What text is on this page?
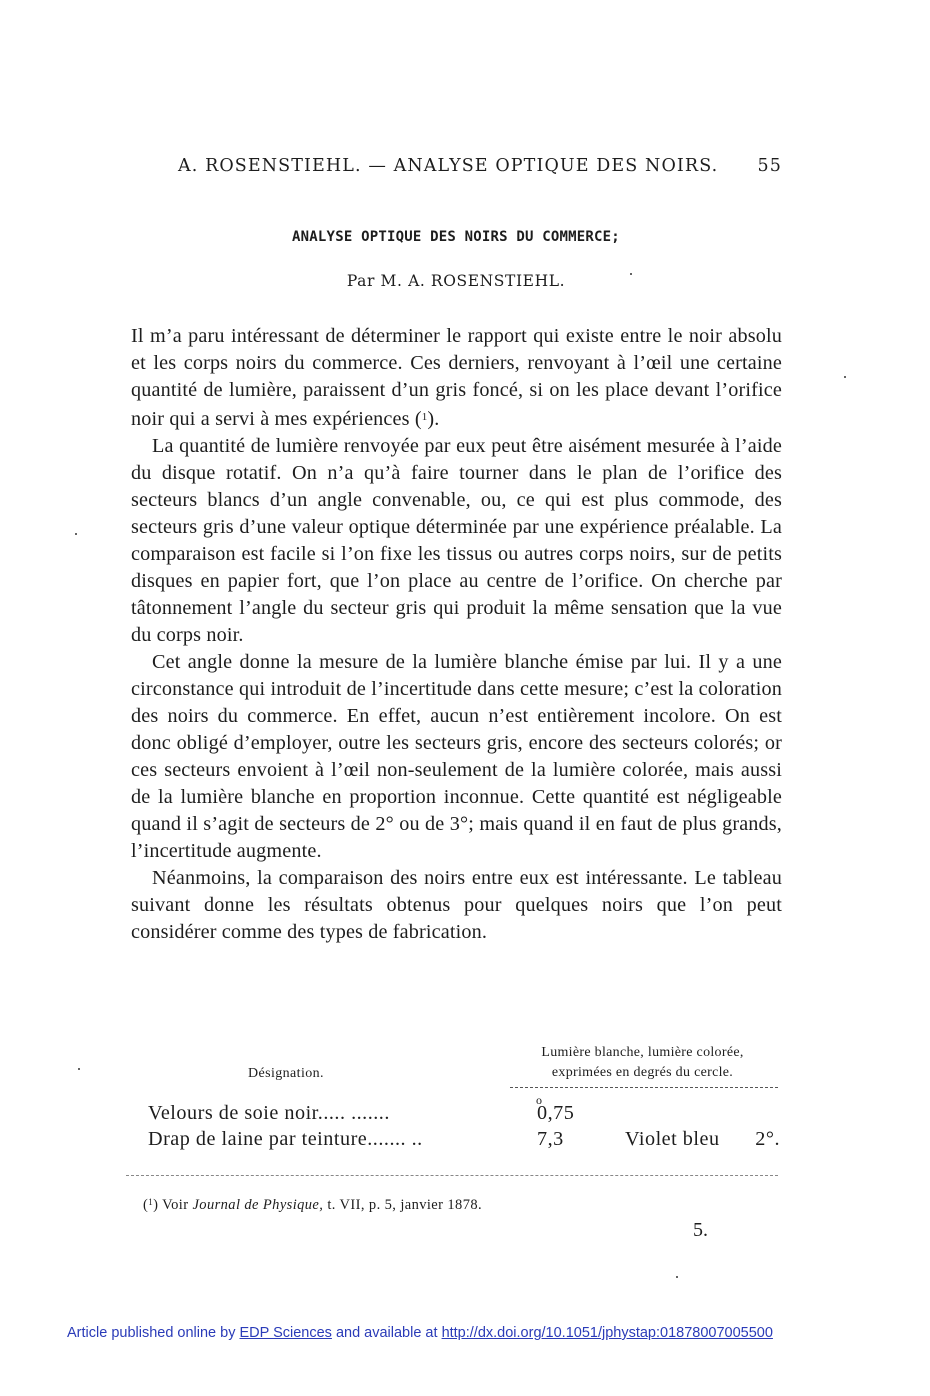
A. ROSENSTIEHL. — ANALYSE OPTIQUE DES NOIRS. 55
ANALYSE OPTIQUE DES NOIRS DU COMMERCE;
Par M. A. ROSENSTIEHL.

Il m’a paru intéressant de déterminer le rapport qui existe entre le noir absolu et les corps noirs du commerce. Ces derniers, renvoyant à l’œil une certaine quantité de lumière, paraissent d’un gris foncé, si on les place devant l’orifice noir qui a servi à mes expériences ($^1$).

La quantité de lumière renvoyée par eux peut être aisément mesurée à l’aide du disque rotatif. On n’a qu’à faire tourner dans le plan de l’orifice des secteurs blancs d’un angle convenable, ou, ce qui est plus commode, des secteurs gris d’une valeur optique déterminée par une expérience préalable. La comparaison est facile si l’on fixe les tissus ou autres corps noirs, sur de petits disques en papier fort, que l’on place au centre de l’orifice. On cherche par tâtonnement l’angle du secteur gris qui produit la même sensation que la vue du corps noir.

Cet angle donne la mesure de la lumière blanche émise par lui. Il y a une circonstance qui introduit de l’incertitude dans cette mesure; c’est la coloration des noirs du commerce. En effet, aucun n’est entièrement incolore. On est donc obligé d’employer, outre les secteurs gris, encore des secteurs colorés; or ces secteurs envoient à l’œil non-seulement de la lumière colorée, mais aussi de la lumière blanche en proportion inconnue. Cette quantité est négligeable quand il s’agit de secteurs de 2° ou de 3°; mais quand il en faut de plus grands, l’incertitude augmente.

Néanmoins, la comparaison des noirs entre eux est intéressante. Le tableau suivant donne les résultats obtenus pour quelques noirs que l’on peut considérer comme des types de fabrication.

Désignation.
Lumière blanche, lumière colorée,
exprimées en degrés du cercle.
o
Velours de soie noir..... .......	0,75
Drap de laine par teinture....... ..	7,3	Violet bleu 2°.
($^1$) Voir Journal de Physique, t. VII, p. 5, janvier 1878.
5.
Article published online by EDP Sciences and available at http://dx.doi.org/10.1051/jphystap:01878007005500
